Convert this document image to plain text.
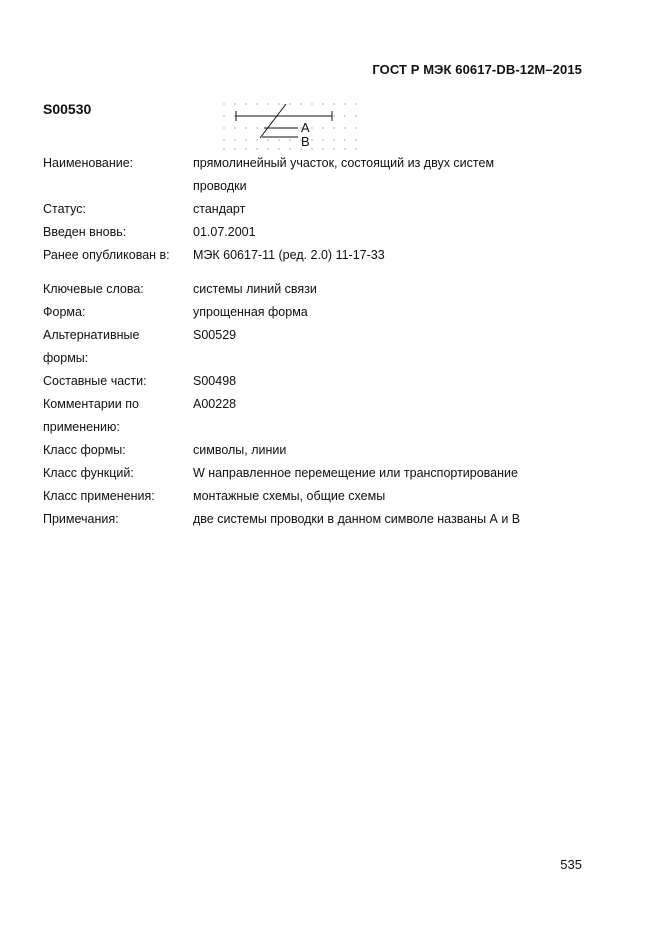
ГОСТ Р МЭК 60617-DB-12M–2015
S00530
A
B
Наименование:	прямолинейный участок, состоящий из двух систем
проводки
Статус:	стандарт
Введен вновь:	01.07.2001
Ранее опубликован в:	МЭК 60617-11 (ред. 2.0) 11-17-33
Ключевые слова:	системы линий связи
Форма:	упрощенная форма
Альтернативные	S00529
формы:
Составные части:	S00498
Комментарии по	A00228
применению:
Класс формы:	символы, линии
Класс функций:	W направленное перемещение или транспортирование
Класс применения:	монтажные схемы, общие схемы
Примечания:	две системы проводки в данном символе названы А и В
535
